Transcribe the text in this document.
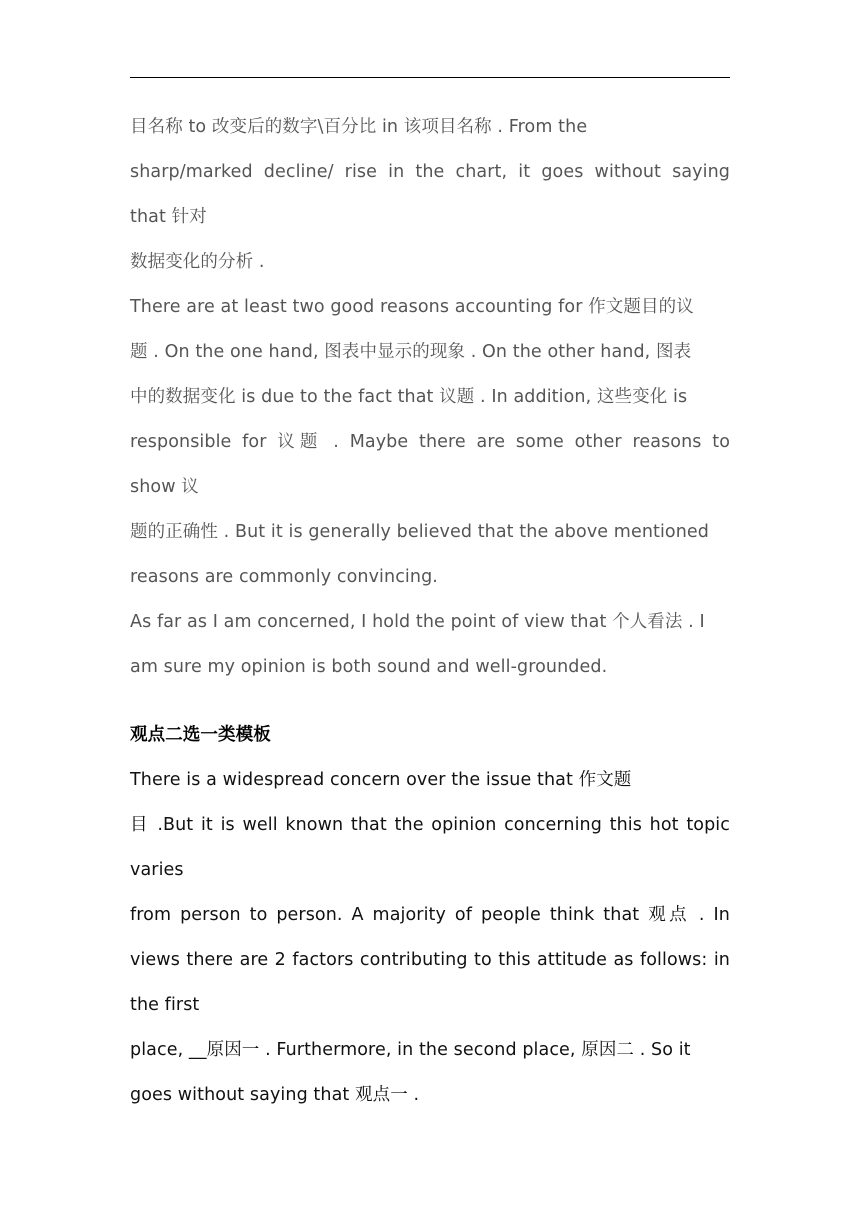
目名称 to 改变后的数字\百分比 in 该项目名称 . From the
sharp/marked decline/ rise in the chart, it goes without saying
that 针对
数据变化的分析 .
There are at least two good reasons accounting for 作文题目的议
题 . On the one hand, 图表中显示的现象 . On the other hand, 图表
中的数据变化 is due to the fact that 议题 . In addition, 这些变化 is
responsible for 议题 . Maybe there are some other reasons to
show 议
题的正确性 . But it is generally believed that the above mentioned
reasons are commonly convincing.
As far as I am concerned, I hold the point of view that 个人看法 . I
am sure my opinion is both sound and well-grounded.
观点二选一类模板
There is a widespread concern over the issue that 作文题
目 .But it is well known that the opinion concerning this hot topic
varies
from person to person. A majority of people think that 观点 . In
views there are 2 factors contributing to this attitude as follows: in
the first
place, __原因一 . Furthermore, in the second place, 原因二 . So it
goes without saying that 观点一 .
